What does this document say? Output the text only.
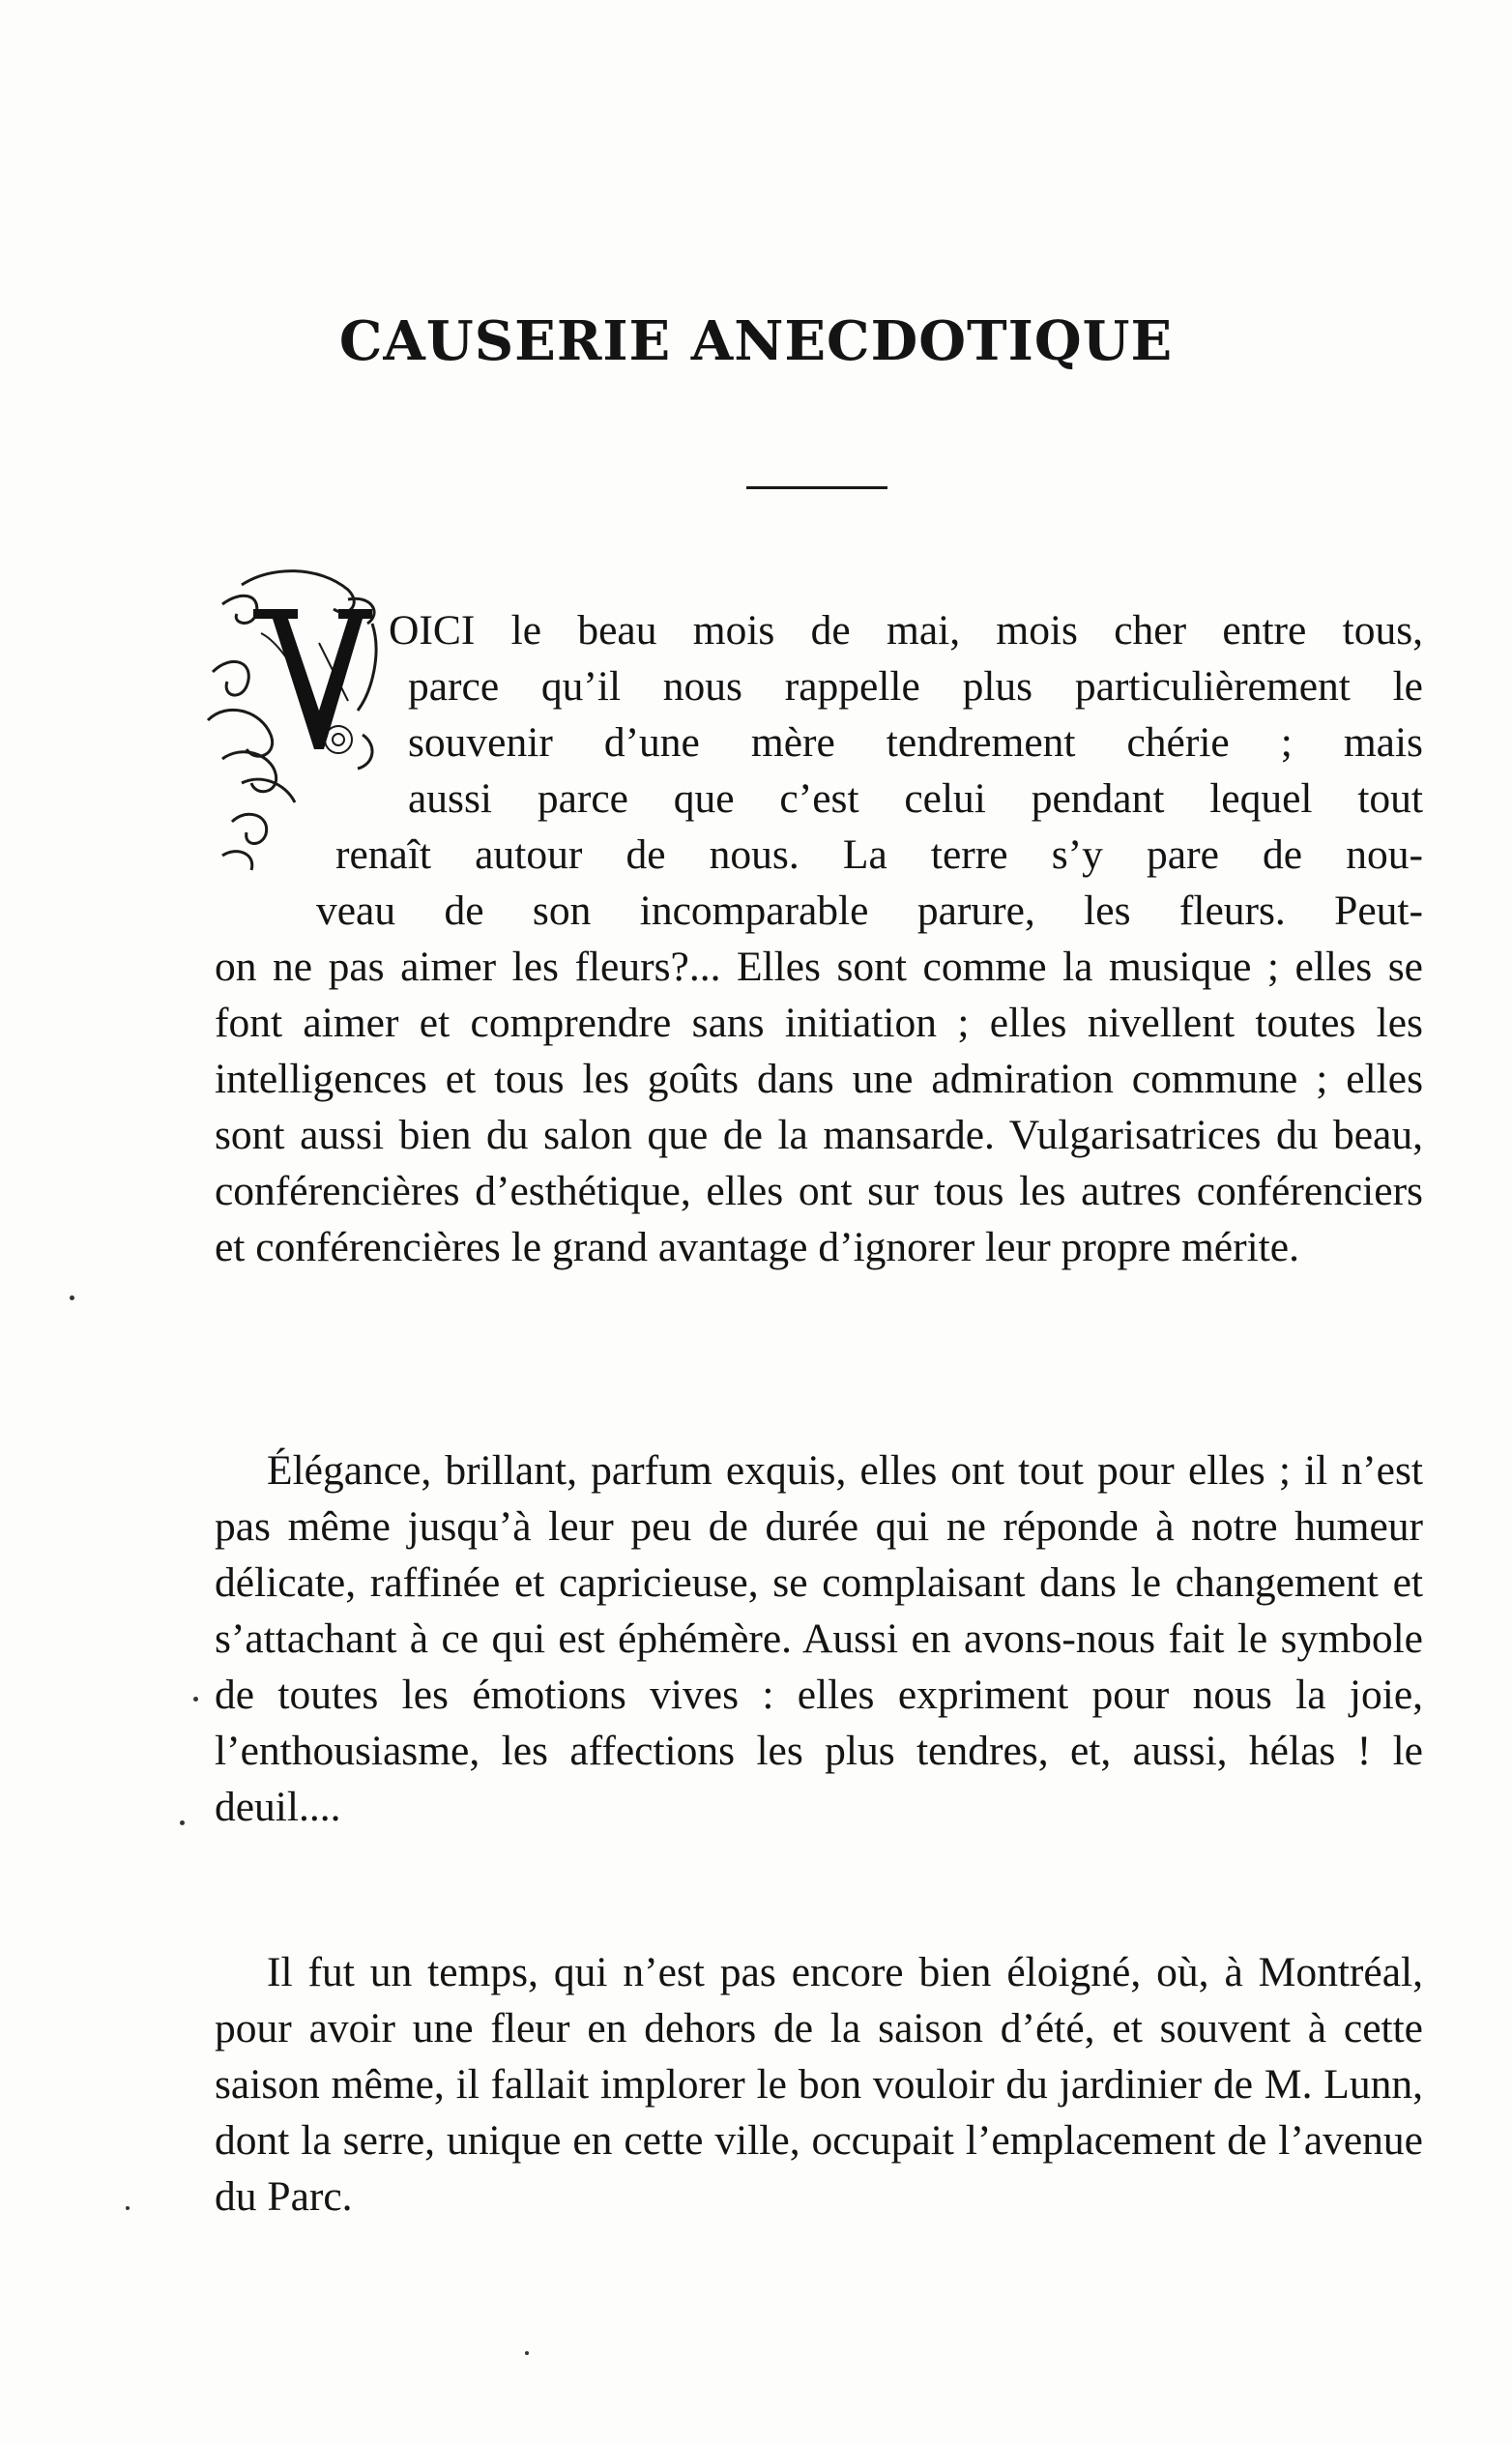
CAUSERIE ANECDOTIQUE
V
OICI le beau mois de mai, mois cher entre tous,
parce qu’il nous rappelle plus particulièrement le
souvenir d’une mère tendrement chérie ; mais
aussi parce que c’est celui pendant lequel tout
renaît autour de nous. La terre s’y pare de nou-
veau de son incomparable parure, les fleurs. Peut-
on ne pas aimer les fleurs?... Elles sont comme la musique ; elles se font aimer et comprendre sans initiation ; elles nivellent toutes les intelligences et tous les goûts dans une admiration commune ; elles sont aussi bien du salon que de la mansarde. Vulgarisatrices du beau, conférencières d’esthétique, elles ont sur tous les autres conférenciers et conférencières le grand avantage d’ignorer leur propre mérite.

Élégance, brillant, parfum exquis, elles ont tout pour elles ; il n’est pas même jusqu’à leur peu de durée qui ne réponde à notre humeur délicate, raffinée et capricieuse, se complaisant dans le changement et s’attachant à ce qui est éphémère. Aussi en avons-nous fait le symbole de toutes les émotions vives : elles expriment pour nous la joie, l’enthousiasme, les affections les plus tendres, et, aussi, hélas ! le deuil....

Il fut un temps, qui n’est pas encore bien éloigné, où, à Montréal, pour avoir une fleur en dehors de la saison d’été, et souvent à cette saison même, il fallait implorer le bon vouloir du jardinier de M. Lunn, dont la serre, unique en cette ville, occupait l’emplacement de l’avenue du Parc.
